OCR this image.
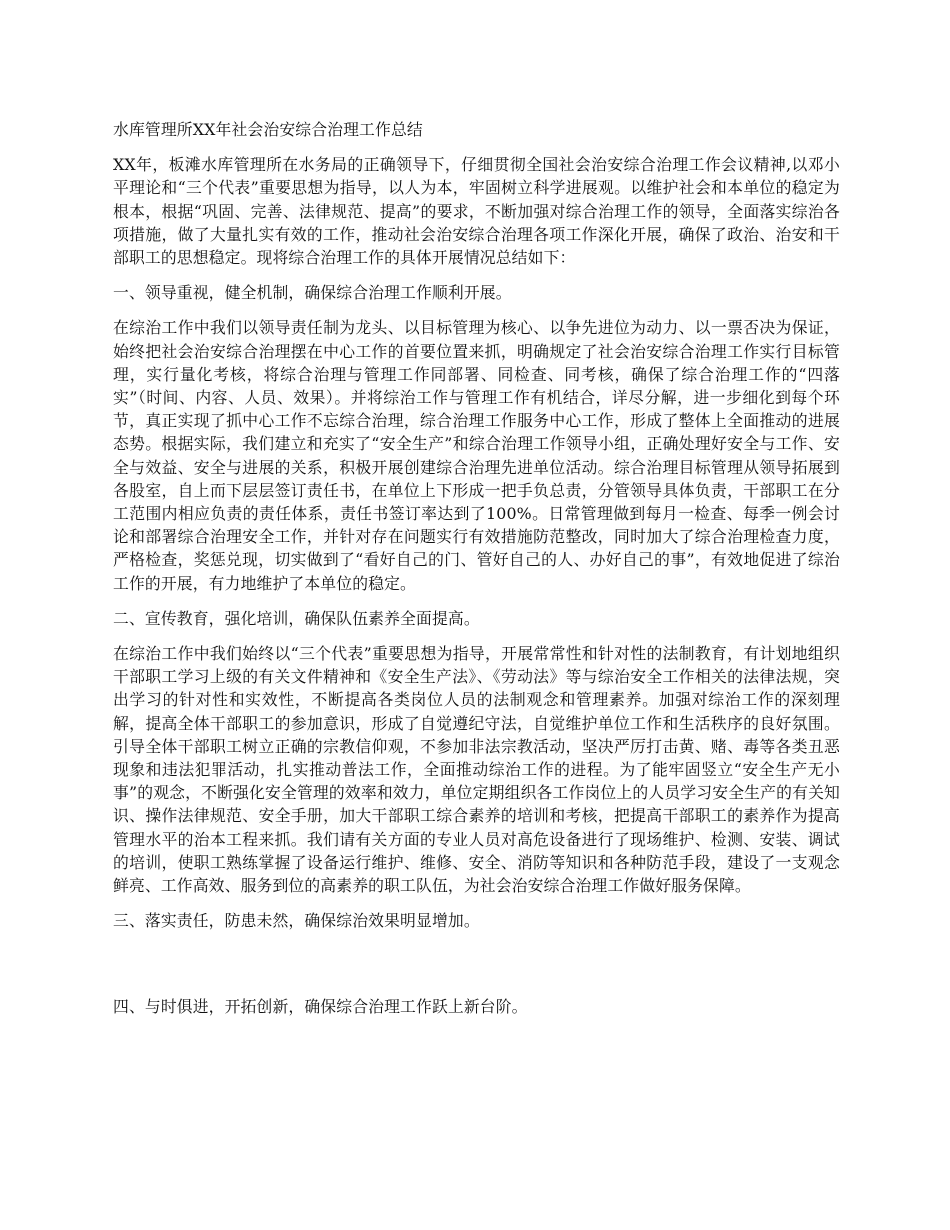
水库管理所XX年社会治安综合治理工作总结

XX年，板滩水库管理所在水务局的正确领导下，仔细贯彻全国社会治安综合治理工作会议精神,以邓小平理论和“三个代表”重要思想为指导，以人为本，牢固树立科学进展观。以维护社会和本单位的稳定为根本，根据“巩固、完善、法律规范、提高”的要求，不断加强对综合治理工作的领导，全面落实综治各项措施，做了大量扎实有效的工作，推动社会治安综合治理各项工作深化开展，确保了政治、治安和干部职工的思想稳定。现将综合治理工作的具体开展情况总结如下：

一、领导重视，健全机制，确保综合治理工作顺利开展。

在综治工作中我们以领导责任制为龙头、以目标管理为核心、以争先进位为动力、以一票否决为保证，始终把社会治安综合治理摆在中心工作的首要位置来抓，明确规定了社会治安综合治理工作实行目标管理，实行量化考核，将综合治理与管理工作同部署、同检查、同考核，确保了综合治理工作的“四落实”（时间、内容、人员、效果）。并将综治工作与管理工作有机结合，详尽分解，进一步细化到每个环节，真正实现了抓中心工作不忘综合治理，综合治理工作服务中心工作，形成了整体上全面推动的进展态势。根据实际，我们建立和充实了“安全生产”和综合治理工作领导小组，正确处理好安全与工作、安全与效益、安全与进展的关系，积极开展创建综合治理先进单位活动。综合治理目标管理从领导拓展到各股室，自上而下层层签订责任书，在单位上下形成一把手负总责，分管领导具体负责，干部职工在分工范围内相应负责的责任体系，责任书签订率达到了100%。日常管理做到每月一检查、每季一例会讨论和部署综合治理安全工作，并针对存在问题实行有效措施防范整改，同时加大了综合治理检查力度，严格检查，奖惩兑现，切实做到了“看好自己的门、管好自己的人、办好自己的事”，有效地促进了综治工作的开展，有力地维护了本单位的稳定。

二、宣传教育，强化培训，确保队伍素养全面提高。

在综治工作中我们始终以“三个代表”重要思想为指导，开展常常性和针对性的法制教育，有计划地组织干部职工学习上级的有关文件精神和《安全生产法》、《劳动法》等与综治安全工作相关的法律法规，突出学习的针对性和实效性，不断提高各类岗位人员的法制观念和管理素养。加强对综治工作的深刻理解，提高全体干部职工的参加意识，形成了自觉遵纪守法，自觉维护单位工作和生活秩序的良好氛围。引导全体干部职工树立正确的宗教信仰观，不参加非法宗教活动，坚决严厉打击黄、赌、毒等各类丑恶现象和违法犯罪活动，扎实推动普法工作，全面推动综治工作的进程。为了能牢固竖立“安全生产无小事”的观念，不断强化安全管理的效率和效力，单位定期组织各工作岗位上的人员学习安全生产的有关知识、操作法律规范、安全手册，加大干部职工综合素养的培训和考核，把提高干部职工的素养作为提高管理水平的治本工程来抓。我们请有关方面的专业人员对高危设备进行了现场维护、检测、安装、调试的培训，使职工熟练掌握了设备运行维护、维修、安全、消防等知识和各种防范手段，建设了一支观念鲜亮、工作高效、服务到位的高素养的职工队伍，为社会治安综合治理工作做好服务保障。

三、落实责任，防患未然，确保综治效果明显增加。
四、与时俱进，开拓创新，确保综合治理工作跃上新台阶。
